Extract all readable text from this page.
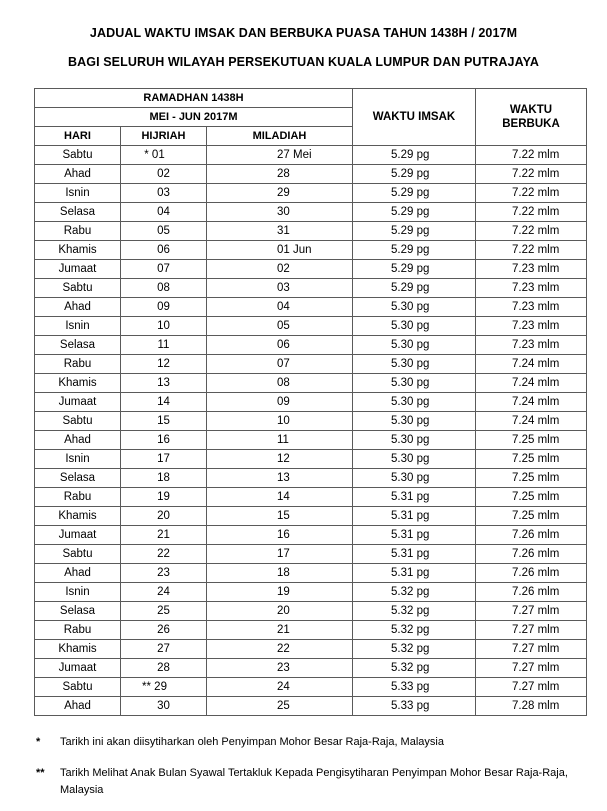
JADUAL WAKTU IMSAK DAN BERBUKA PUASA TAHUN 1438H / 2017M
BAGI SELURUH WILAYAH PERSEKUTUAN KUALA LUMPUR DAN PUTRAJAYA
RAMADHAN 1438H			WAKTU IMSAK	WAKTU
BERBUKA
MEI - JUN 2017M				
HARI	HIJRIAH	MILADIAH		
Sabtu	* 01	27 Mei	5.29 pg	7.22 mlm
Ahad	02	28	5.29 pg	7.22 mlm
Isnin	03	29	5.29 pg	7.22 mlm
Selasa	04	30	5.29 pg	7.22 mlm
Rabu	05	31	5.29 pg	7.22 mlm
Khamis	06	01 Jun	5.29 pg	7.22 mlm
Jumaat	07	02	5.29 pg	7.23 mlm
Sabtu	08	03	5.29 pg	7.23 mlm
Ahad	09	04	5.30 pg	7.23 mlm
Isnin	10	05	5.30 pg	7.23 mlm
Selasa	11	06	5.30 pg	7.23 mlm
Rabu	12	07	5.30 pg	7.24 mlm
Khamis	13	08	5.30 pg	7.24 mlm
Jumaat	14	09	5.30 pg	7.24 mlm
Sabtu	15	10	5.30 pg	7.24 mlm
Ahad	16	11	5.30 pg	7.25 mlm
Isnin	17	12	5.30 pg	7.25 mlm
Selasa	18	13	5.30 pg	7.25 mlm
Rabu	19	14	5.31 pg	7.25 mlm
Khamis	20	15	5.31 pg	7.25 mlm
Jumaat	21	16	5.31 pg	7.26 mlm
Sabtu	22	17	5.31 pg	7.26 mlm
Ahad	23	18	5.31 pg	7.26 mlm
Isnin	24	19	5.32 pg	7.26 mlm
Selasa	25	20	5.32 pg	7.27 mlm
Rabu	26	21	5.32 pg	7.27 mlm
Khamis	27	22	5.32 pg	7.27 mlm
Jumaat	28	23	5.32 pg	7.27 mlm
Sabtu	** 29	24	5.33 pg	7.27 mlm
Ahad	30	25	5.33 pg	7.28 mlm
* Tarikh ini akan diisytiharkan oleh Penyimpan Mohor Besar Raja-Raja, Malaysia
** Tarikh Melihat Anak Bulan Syawal Tertakluk Kepada Pengisytiharan Penyimpan Mohor Besar Raja-Raja, Malaysia
